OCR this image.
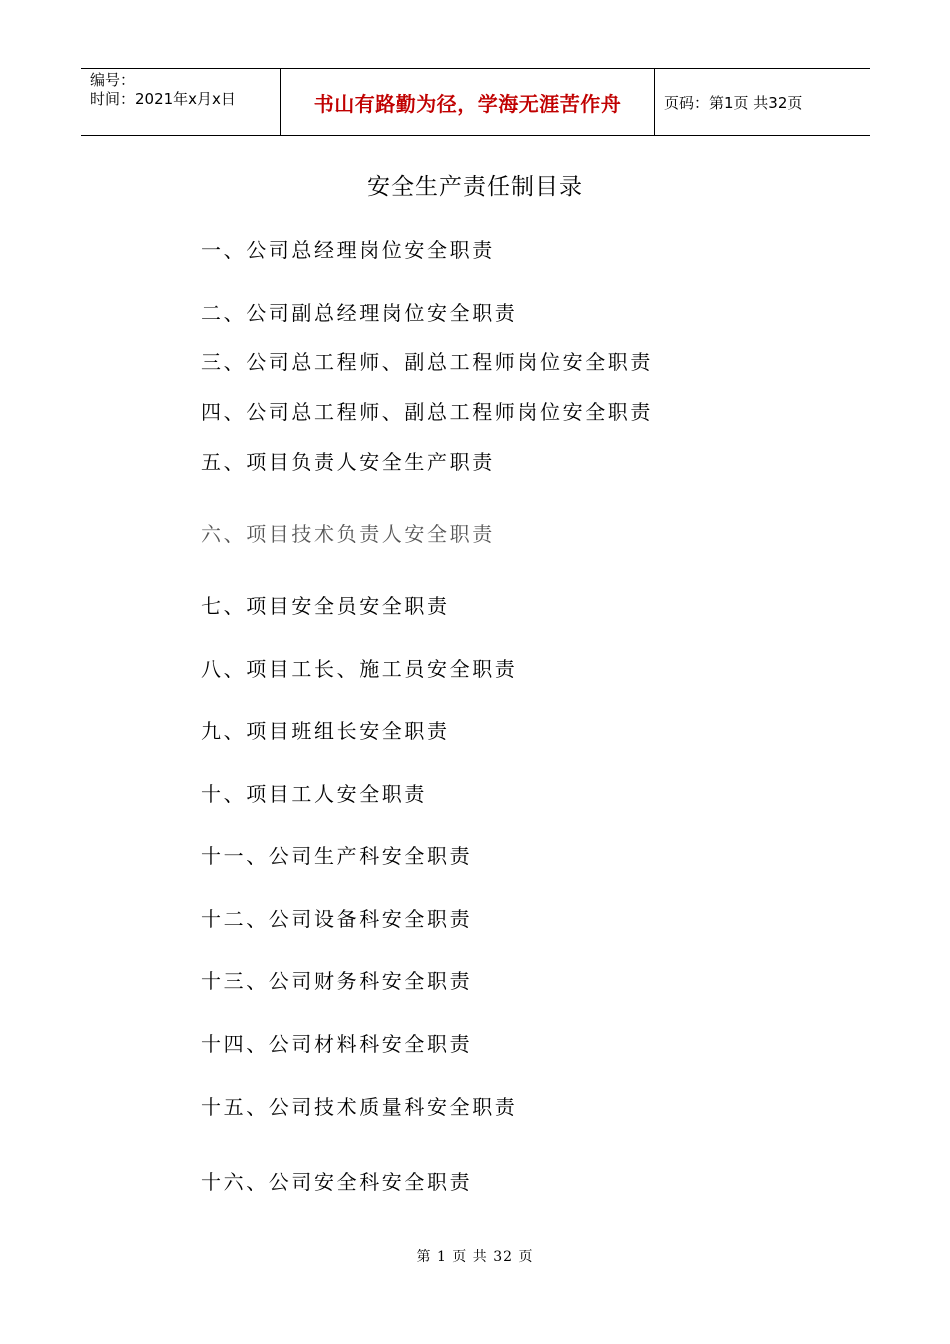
编号：
时间：2021年x月x日	书山有路勤为径，学海无涯苦作舟	页码：第1页 共32页
安全生产责任制目录
一、公司总经理岗位安全职责
二、公司副总经理岗位安全职责
三、公司总工程师、副总工程师岗位安全职责
四、公司总工程师、副总工程师岗位安全职责
五、项目负责人安全生产职责
六、项目技术负责人安全职责
七、项目安全员安全职责
八、项目工长、施工员安全职责
九、项目班组长安全职责
十、项目工人安全职责
十一、公司生产科安全职责
十二、公司设备科安全职责
十三、公司财务科安全职责
十四、公司材料科安全职责
十五、公司技术质量科安全职责
十六、公司安全科安全职责
第 1 页 共 32 页
